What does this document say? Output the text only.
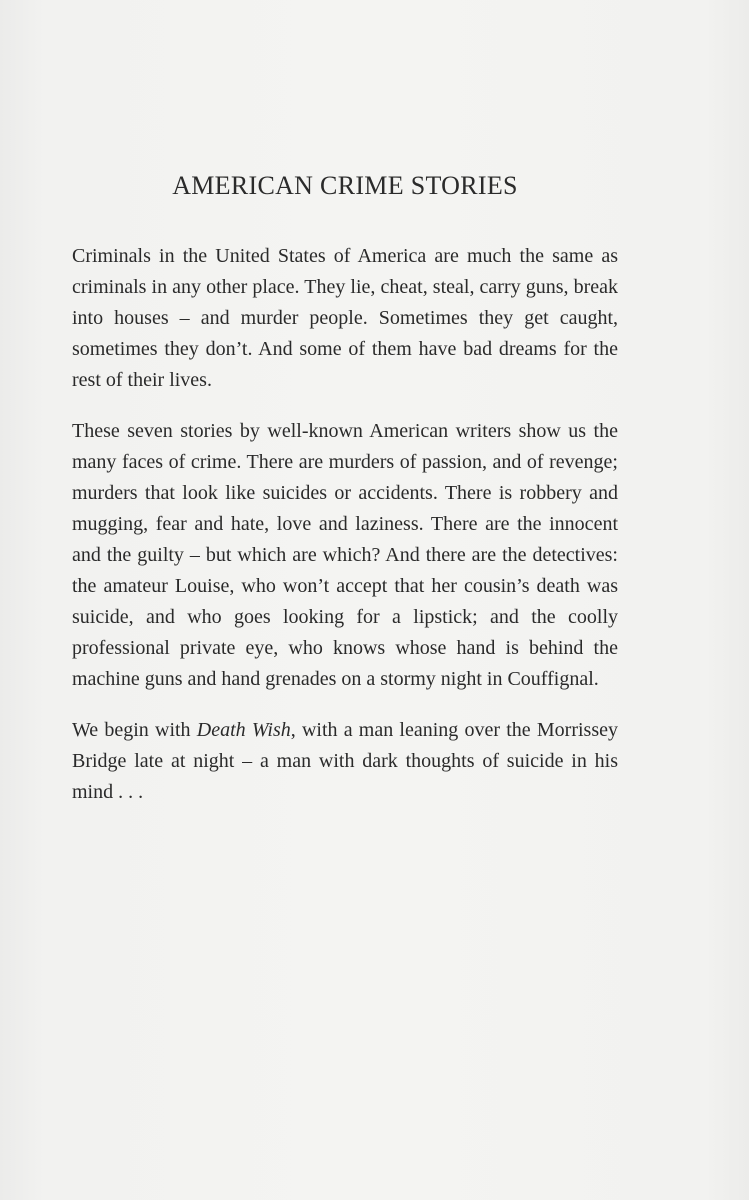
AMERICAN CRIME STORIES

Criminals in the United States of America are much the same as criminals in any other place. They lie, cheat, steal, carry guns, break into houses – and murder people. Sometimes they get caught, sometimes they don’t. And some of them have bad dreams for the rest of their lives.

These seven stories by well-known American writers show us the many faces of crime. There are murders of passion, and of revenge; murders that look like suicides or accidents. There is robbery and mugging, fear and hate, love and laziness. There are the innocent and the guilty – but which are which? And there are the detectives: the amateur Louise, who won’t accept that her cousin’s death was suicide, and who goes looking for a lipstick; and the coolly professional private eye, who knows whose hand is behind the machine guns and hand grenades on a stormy night in Couffignal.

We begin with Death Wish, with a man leaning over the Morrissey Bridge late at night – a man with dark thoughts of suicide in his mind . . .
